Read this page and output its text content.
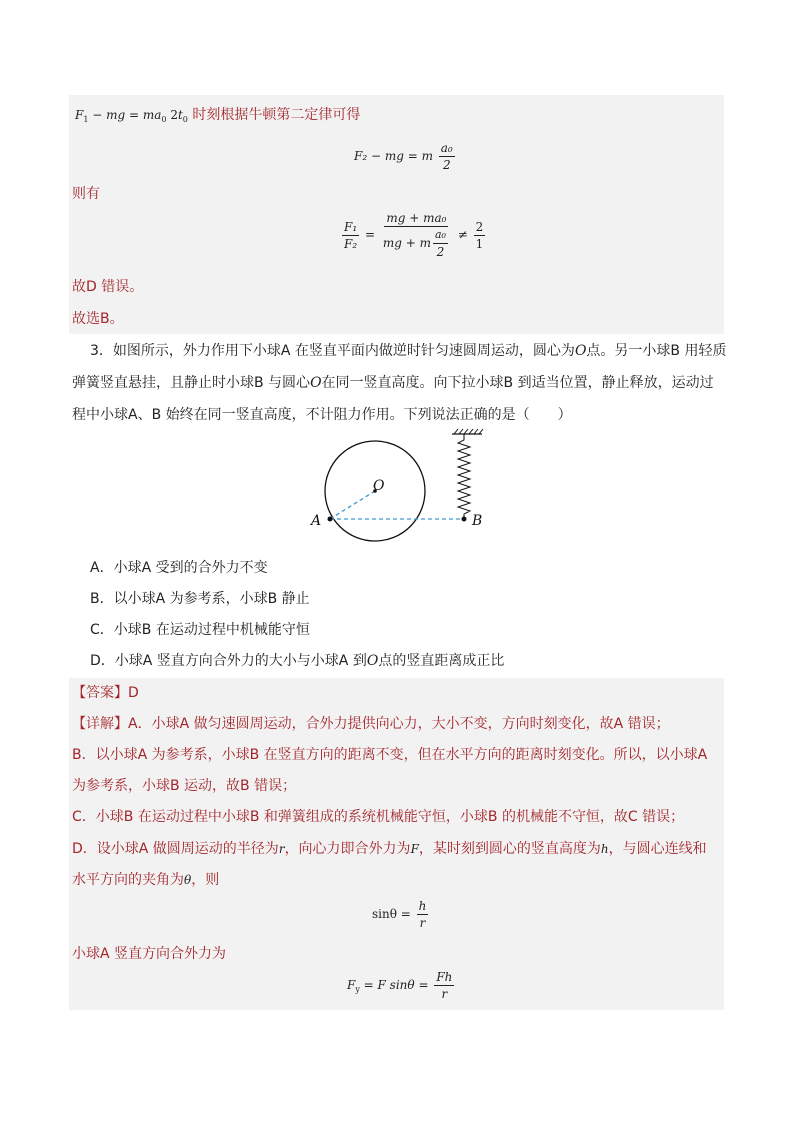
$F_1$ − mg = $ma_0$ $2t_0$ 时刻根据牛顿第二定律可得
F₂ − mg = m $\frac{\text{a₀}}{2}$
则有
$\frac{\text{F₁}}{\text{F₂}} = \frac{\text{mg + ma₀}}{mg + m \frac{\text{a₀}}{2}} \ne \frac{2}{1}$
故D 错误。
故选B。
3．如图所示，外力作用下小球A 在竖直平面内做逆时针匀速圆周运动，圆心为O点。另一小球B 用轻质
弹簧竖直悬挂，且静止时小球B 与圆心O在同一竖直高度。向下拉小球B 到适当位置，静止释放，运动过
程中小球A、B 始终在同一竖直高度，不计阻力作用。下列说法正确的是（　　）
O
A	B
A．小球A 受到的合外力不变
B．以小球A 为参考系，小球B 静止
C．小球B 在运动过程中机械能守恒
D．小球A 竖直方向合外力的大小与小球A 到O点的竖直距离成正比
【答案】D
【详解】A．小球A 做匀速圆周运动，合外力提供向心力，大小不变，方向时刻变化，故A 错误；
B．以小球A 为参考系，小球B 在竖直方向的距离不变，但在水平方向的距离时刻变化。所以，以小球A
为参考系，小球B 运动，故B 错误；
C．小球B 在运动过程中小球B 和弹簧组成的系统机械能守恒，小球B 的机械能不守恒，故C 错误；
D．设小球A 做圆周运动的半径为r，向心力即合外力为F，某时刻到圆心的竖直高度为h，与圆心连线和
水平方向的夹角为θ，则
$\sin\theta = \frac{h}{r}$
小球A 竖直方向合外力为
$F_y = F$ $\sin\theta = \frac{Fh}{r}$
